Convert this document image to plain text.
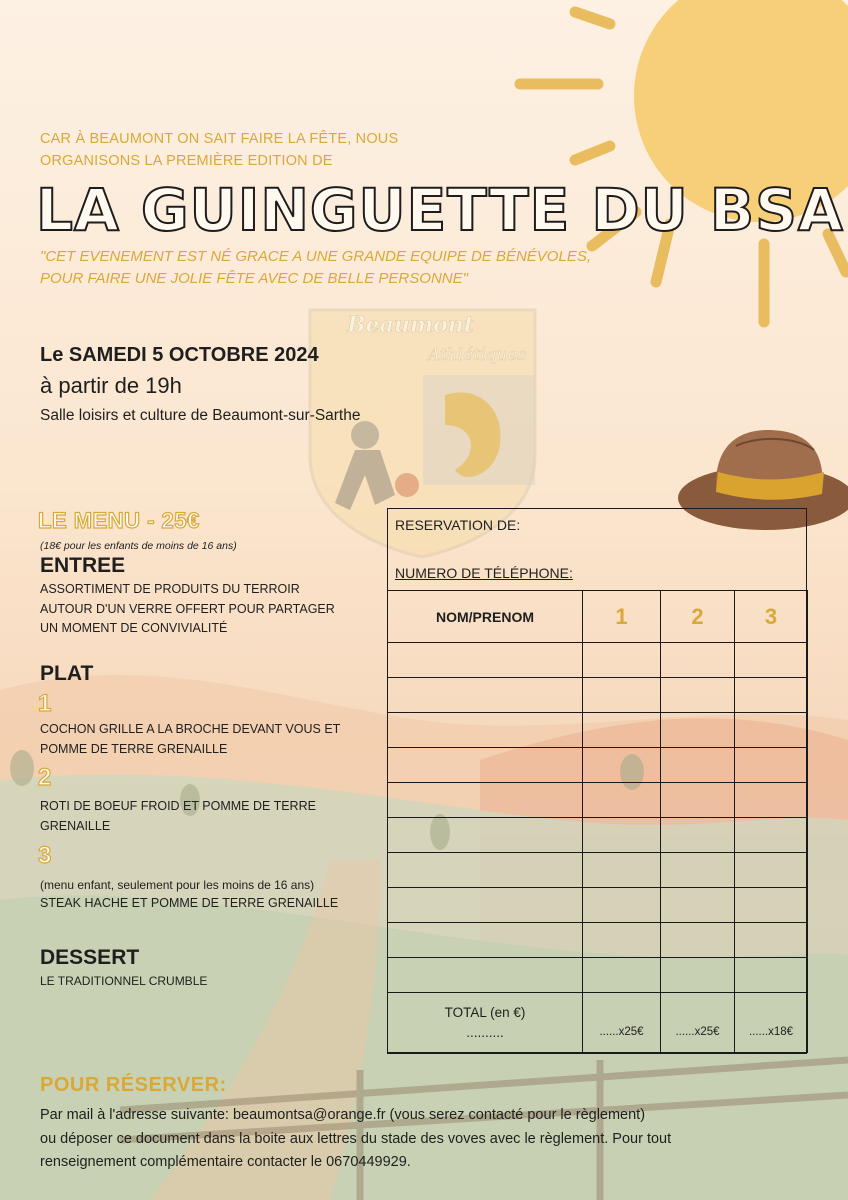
CAR À BEAUMONT ON SAIT FAIRE LA FÊTE, NOUS
ORGANISONS LA PREMIÈRE EDITION DE
LA GUINGUETTE DU BSA
"CET EVENEMENT EST NÉ GRACE A UNE GRANDE EQUIPE DE BÉNÉVOLES,
POUR FAIRE UNE JOLIE FÊTE AVEC DE BELLE PERSONNE"
Beaumont
Athlétiques
Le SAMEDI 5 OCTOBRE 2024
à partir de 19h
Salle loisirs et culture de Beaumont-sur-Sarthe
LE MENU - 25€
(18€ pour les enfants de moins de 16 ans)
ENTREE
ASSORTIMENT DE PRODUITS DU TERROIR
AUTOUR D'UN VERRE OFFERT POUR PARTAGER
UN MOMENT DE CONVIVIALITÉ
PLAT
1
COCHON GRILLE A LA BROCHE DEVANT VOUS ET
POMME DE TERRE GRENAILLE
2
ROTI DE BOEUF FROID ET POMME DE TERRE
GRENAILLE
3
(menu enfant, seulement pour les moins de 16 ans)
STEAK HACHE ET POMME DE TERRE GRENAILLE
DESSERT
LE TRADITIONNEL CRUMBLE
RESERVATION DE:
NUMERO DE TÉLÉPHONE:
NOM/PRENOM	1	2	3

TOTAL (en €)
..........	......x25€	......x25€	......x18€
POUR RÉSERVER:
Par mail à l'adresse suivante: beaumontsa@orange.fr (vous serez contacté pour le règlement)
ou déposer ce document dans la boite aux lettres du stade des voves avec le règlement. Pour tout
renseignement complémentaire contacter le 0670449929.
